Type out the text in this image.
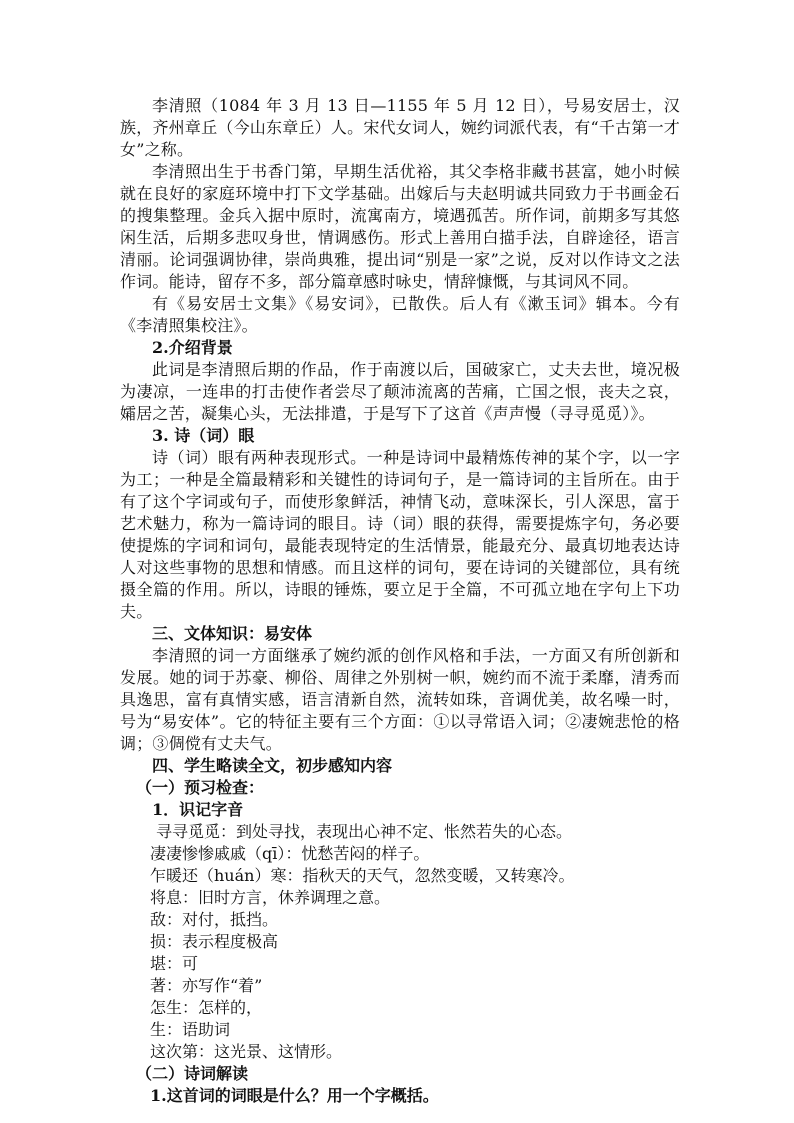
李清照（1084 年 3 月 13 日—1155 年 5 月 12 日），号易安居士，汉族，齐州章丘（今山东章丘）人。宋代女词人，婉约词派代表，有“千古第一才女”之称。

李清照出生于书香门第，早期生活优裕，其父李格非藏书甚富，她小时候就在良好的家庭环境中打下文学基础。出嫁后与夫赵明诚共同致力于书画金石的搜集整理。金兵入据中原时，流寓南方，境遇孤苦。所作词，前期多写其悠闲生活，后期多悲叹身世，情调感伤。形式上善用白描手法，自辟途径，语言清丽。论词强调协律，崇尚典雅，提出词“别是一家”之说，反对以作诗文之法作词。能诗，留存不多，部分篇章感时咏史，情辞慷慨，与其词风不同。

有《易安居士文集》《易安词》，已散佚。后人有《漱玉词》辑本。今有《李清照集校注》。

2.介绍背景

此词是李清照后期的作品，作于南渡以后，国破家亡，丈夫去世，境况极为凄凉，一连串的打击使作者尝尽了颠沛流离的苦痛，亡国之恨，丧夫之哀，孀居之苦，凝集心头，无法排遣，于是写下了这首《声声慢（寻寻觅觅）》。

3. 诗（词）眼

诗（词）眼有两种表现形式。一种是诗词中最精炼传神的某个字，以一字为工；一种是全篇最精彩和关键性的诗词句子，是一篇诗词的主旨所在。由于有了这个字词或句子，而使形象鲜活，神情飞动，意味深长，引人深思，富于艺术魅力，称为一篇诗词的眼目。诗（词）眼的获得，需要提炼字句，务必要使提炼的字词和词句，最能表现特定的生活情景，能最充分、最真切地表达诗人对这些事物的思想和情感。而且这样的词句，要在诗词的关键部位，具有统摄全篇的作用。所以，诗眼的锤炼，要立足于全篇，不可孤立地在字句上下功夫。

三、文体知识：易安体

李清照的词一方面继承了婉约派的创作风格和手法，一方面又有所创新和发展。她的词于苏豪、柳俗、周律之外别树一帜，婉约而不流于柔靡，清秀而具逸思，富有真情实感，语言清新自然，流转如珠，音调优美，故名噪一时，号为“易安体”。它的特征主要有三个方面：①以寻常语入词；②凄婉悲怆的格调；③倜傥有丈夫气。

四、学生略读全文，初步感知内容

（一）预习检查：

1．识记字音

寻寻觅觅：到处寻找，表现出心神不定、怅然若失的心态。

凄凄惨惨戚戚（qī）：忧愁苦闷的样子。

乍暖还（huán）寒：指秋天的天气，忽然变暖，又转寒冷。

将息：旧时方言，休养调理之意。

敌：对付，抵挡。

损：表示程度极高

堪：可

著：亦写作“着”

怎生：怎样的，

生：语助词

这次第：这光景、这情形。

（二）诗词解读

1.这首词的词眼是什么？用一个字概括。
